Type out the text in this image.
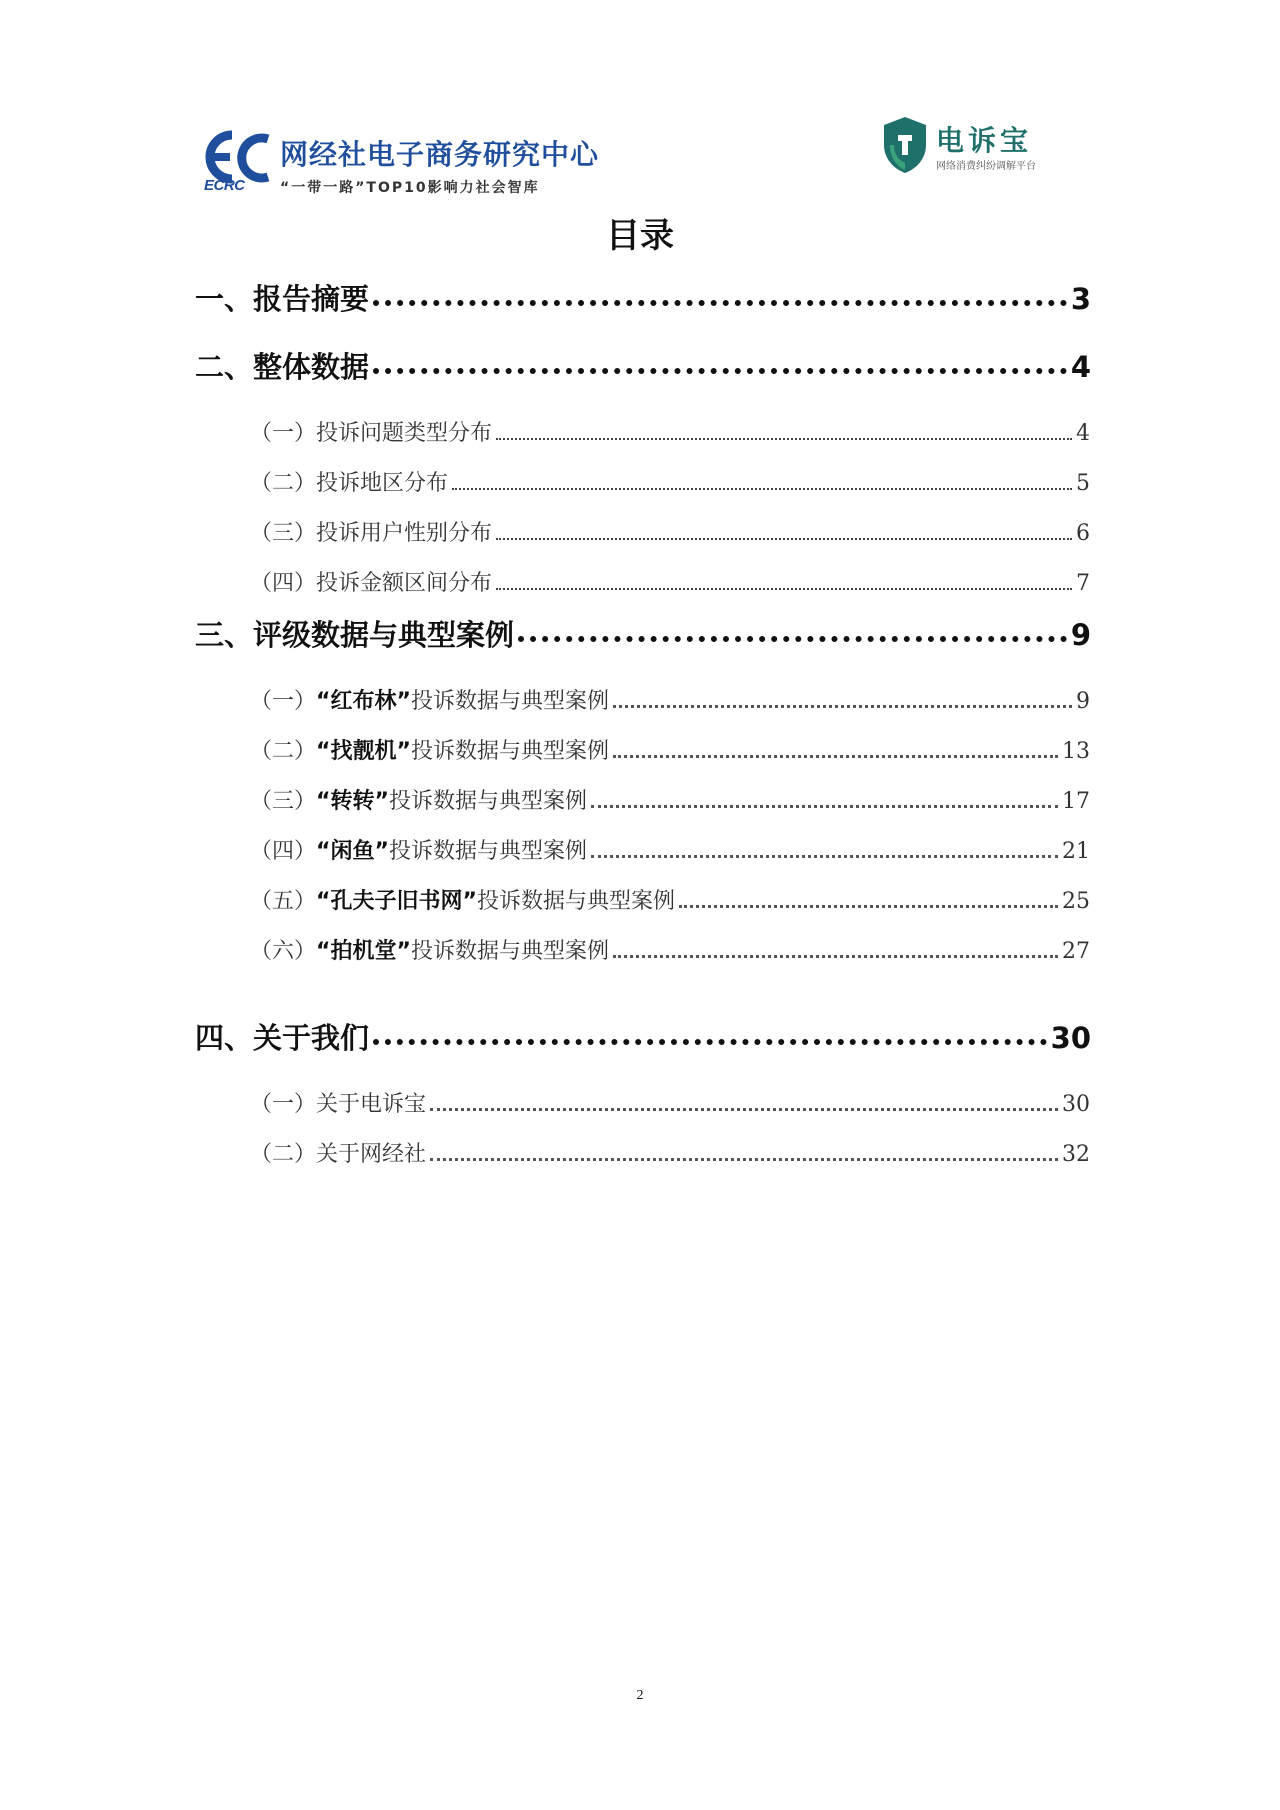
ECRC
网经社电子商务研究中心
“一带一路”TOP10影响力社会智库
电诉宝
网络消费纠纷调解平台
目录
一、报告摘要	3
二、整体数据	4
（一）投诉问题类型分布	4
（二）投诉地区分布	5
（三）投诉用户性别分布	6
（四）投诉金额区间分布	7
三、评级数据与典型案例	9
（一） “红布林” 投诉数据与典型案例	9
（二） “找靓机” 投诉数据与典型案例	13
（三） “转转” 投诉数据与典型案例	17
（四） “闲鱼” 投诉数据与典型案例	21
（五） “孔夫子旧书网” 投诉数据与典型案例	25
（六） “拍机堂” 投诉数据与典型案例	27
四、关于我们	30
（一）关于电诉宝	30
（二）关于网经社	32
2
